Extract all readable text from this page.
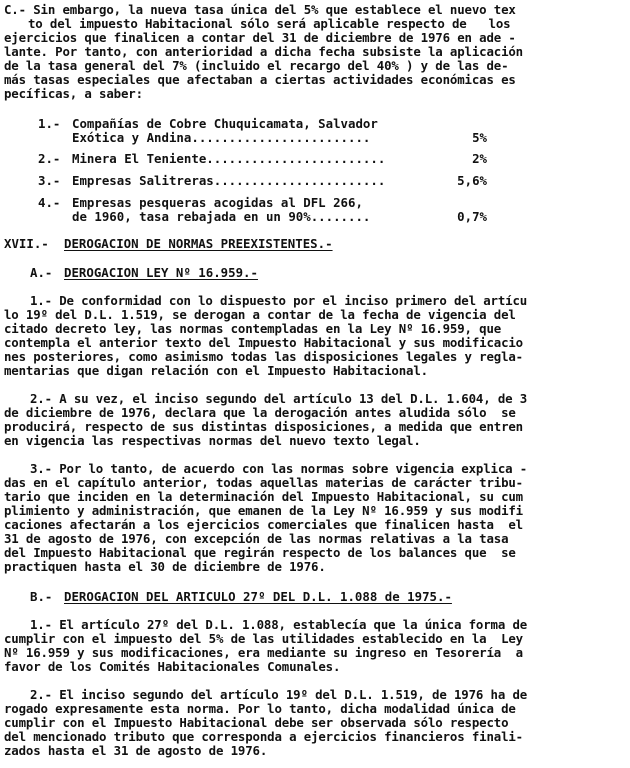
C.- Sin embargo, la nueva tasa única del 5% que establece el nuevo tex
to del impuesto Habitacional sólo será aplicable respecto de   los
ejercicios que finalicen a contar del 31 de diciembre de 1976 en ade -
lante. Por tanto, con anterioridad a dicha fecha subsiste la aplicación
de la tasa general del 7% (incluido el recargo del 40% ) y de las de-
más tasas especiales que afectaban a ciertas actividades económicas es
pecíficas, a saber:
1.- Compañías de Cobre Chuquicamata, Salvador
Exótica y Andina........................	5%
2.- Minera El Teniente........................	2%
3.- Empresas Salitreras.......................	5,6%
4.- Empresas pesqueras acogidas al DFL 266,
de 1960, tasa rebajada en un 90%........	0,7%
XVII.- DEROGACION DE NORMAS PREEXISTENTES.-
A.- DEROGACION LEY Nº 16.959.-
1.- De conformidad con lo dispuesto por el inciso primero del artícu
lo 19º del D.L. 1.519, se derogan a contar de la fecha de vigencia del
citado decreto ley, las normas contempladas en la Ley Nº 16.959, que
contempla el anterior texto del Impuesto Habitacional y sus modificacio
nes posteriores, como asimismo todas las disposiciones legales y regla-
mentarias que digan relación con el Impuesto Habitacional.
2.- A su vez, el inciso segundo del artículo 13 del D.L. 1.604, de 3
de diciembre de 1976, declara que la derogación antes aludida sólo  se
producirá, respecto de sus distintas disposiciones, a medida que entren
en vigencia las respectivas normas del nuevo texto legal.
3.- Por lo tanto, de acuerdo con las normas sobre vigencia explica -
das en el capítulo anterior, todas aquellas materias de carácter tribu-
tario que inciden en la determinación del Impuesto Habitacional, su cum
plimiento y administración, que emanen de la Ley Nº 16.959 y sus modifi
caciones afectarán a los ejercicios comerciales que finalicen hasta  el
31 de agosto de 1976, con excepción de las normas relativas a la tasa
del Impuesto Habitacional que regirán respecto de los balances que  se
practiquen hasta el 30 de diciembre de 1976.
B.- DEROGACION DEL ARTICULO 27º DEL D.L. 1.088 de 1975.-
1.- El artículo 27º del D.L. 1.088, establecía que la única forma de
cumplir con el impuesto del 5% de las utilidades establecido en la  Ley
Nº 16.959 y sus modificaciones, era mediante su ingreso en Tesorería  a
favor de los Comités Habitacionales Comunales.
2.- El inciso segundo del artículo 19º del D.L. 1.519, de 1976 ha de
rogado expresamente esta norma. Por lo tanto, dicha modalidad única de
cumplir con el Impuesto Habitacional debe ser observada sólo respecto
del mencionado tributo que corresponda a ejercicios financieros finali-
zados hasta el 31 de agosto de 1976.
